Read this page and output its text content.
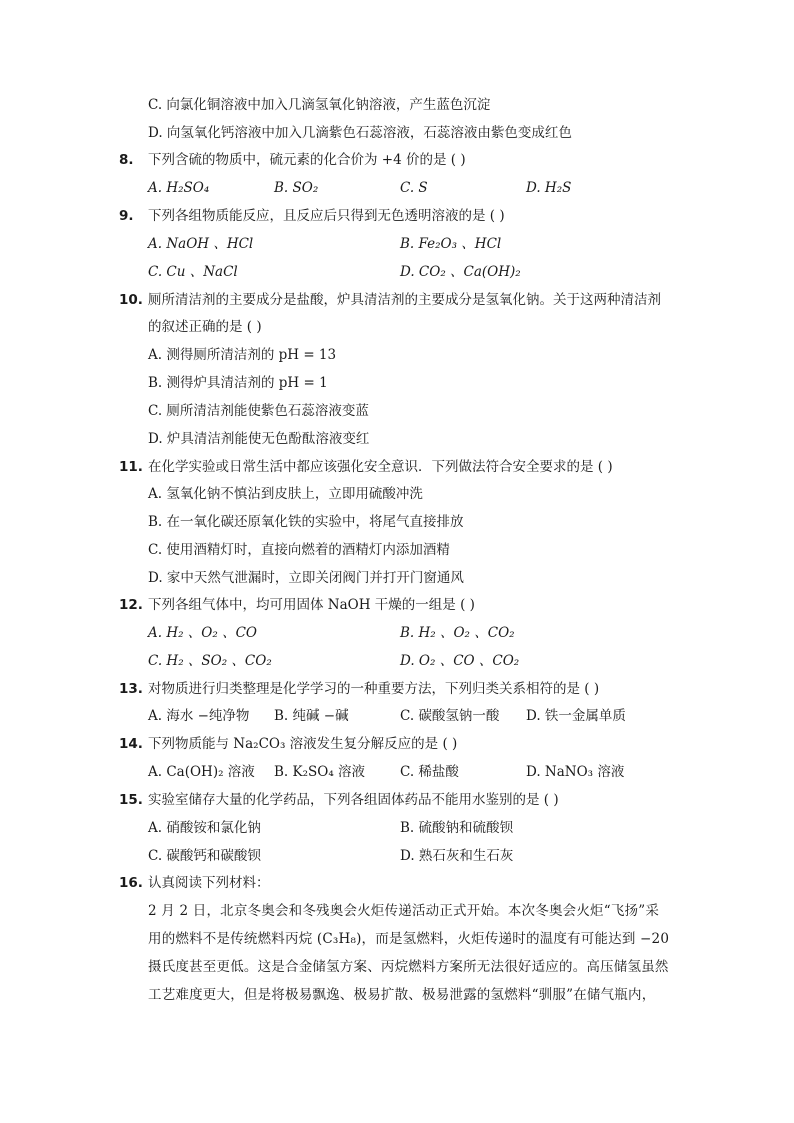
C. 向氯化铜溶液中加入几滴氢氧化钠溶液，产生蓝色沉淀
D. 向氢氧化钙溶液中加入几滴紫色石蕊溶液，石蕊溶液由紫色变成红色
8. 下列含硫的物质中，硫元素的化合价为 +4 价的是 ( )
A. H₂SO₄	B. SO₂	C. S	D. H₂S
9. 下列各组物质能反应，且反应后只得到无色透明溶液的是 ( )
A. NaOH 、HCl	B. Fe₂O₃ 、HCl
C. Cu 、NaCl	D. CO₂ 、Ca(OH)₂
10. 厕所清洁剂的主要成分是盐酸，炉具清洁剂的主要成分是氢氧化钠。关于这两种清洁剂
的叙述正确的是 ( )
A. 测得厕所清洁剂的 pH = 13
B. 测得炉具清洁剂的 pH = 1
C. 厕所清洁剂能使紫色石蕊溶液变蓝
D. 炉具清洁剂能使无色酚酞溶液变红
11. 在化学实验或日常生活中都应该强化安全意识．下列做法符合安全要求的是 ( )
A. 氢氧化钠不慎沾到皮肤上，立即用硫酸冲洗
B. 在一氧化碳还原氧化铁的实验中，将尾气直接排放
C. 使用酒精灯时，直接向燃着的酒精灯内添加酒精
D. 家中天然气泄漏时，立即关闭阀门并打开门窗通风
12. 下列各组气体中，均可用固体 NaOH 干燥的一组是 ( )
A. H₂ 、O₂ 、CO	B. H₂ 、O₂ 、CO₂
C. H₂ 、SO₂ 、CO₂	D. O₂ 、CO 、CO₂
13. 对物质进行归类整理是化学学习的一种重要方法，下列归类关系相符的是 ( )
A. 海水 −纯净物 B. 纯碱 −碱	C. 碳酸氢钠一酸 D. 铁一金属单质
14. 下列物质能与 Na₂CO₃ 溶液发生复分解反应的是 ( )
A. Ca(OH)₂ 溶液 B. K₂SO₄ 溶液	C. 稀盐酸	D. NaNO₃ 溶液
15. 实验室储存大量的化学药品，下列各组固体药品不能用水鉴别的是 ( )
A. 硝酸铵和氯化钠	B. 硫酸钠和硫酸钡
C. 碳酸钙和碳酸钡	D. 熟石灰和生石灰
16. 认真阅读下列材料：
2 月 2 日，北京冬奥会和冬残奥会火炬传递活动正式开始。本次冬奥会火炬“飞扬”采
用的燃料不是传统燃料丙烷 (C₃H₈)，而是氢燃料，火炬传递时的温度有可能达到 −20
摄氏度甚至更低。这是合金储氢方案、丙烷燃料方案所无法很好适应的。高压储氢虽然
工艺难度更大，但是将极易飘逸、极易扩散、极易泄露的氢燃料“驯服”在储气瓶内，
